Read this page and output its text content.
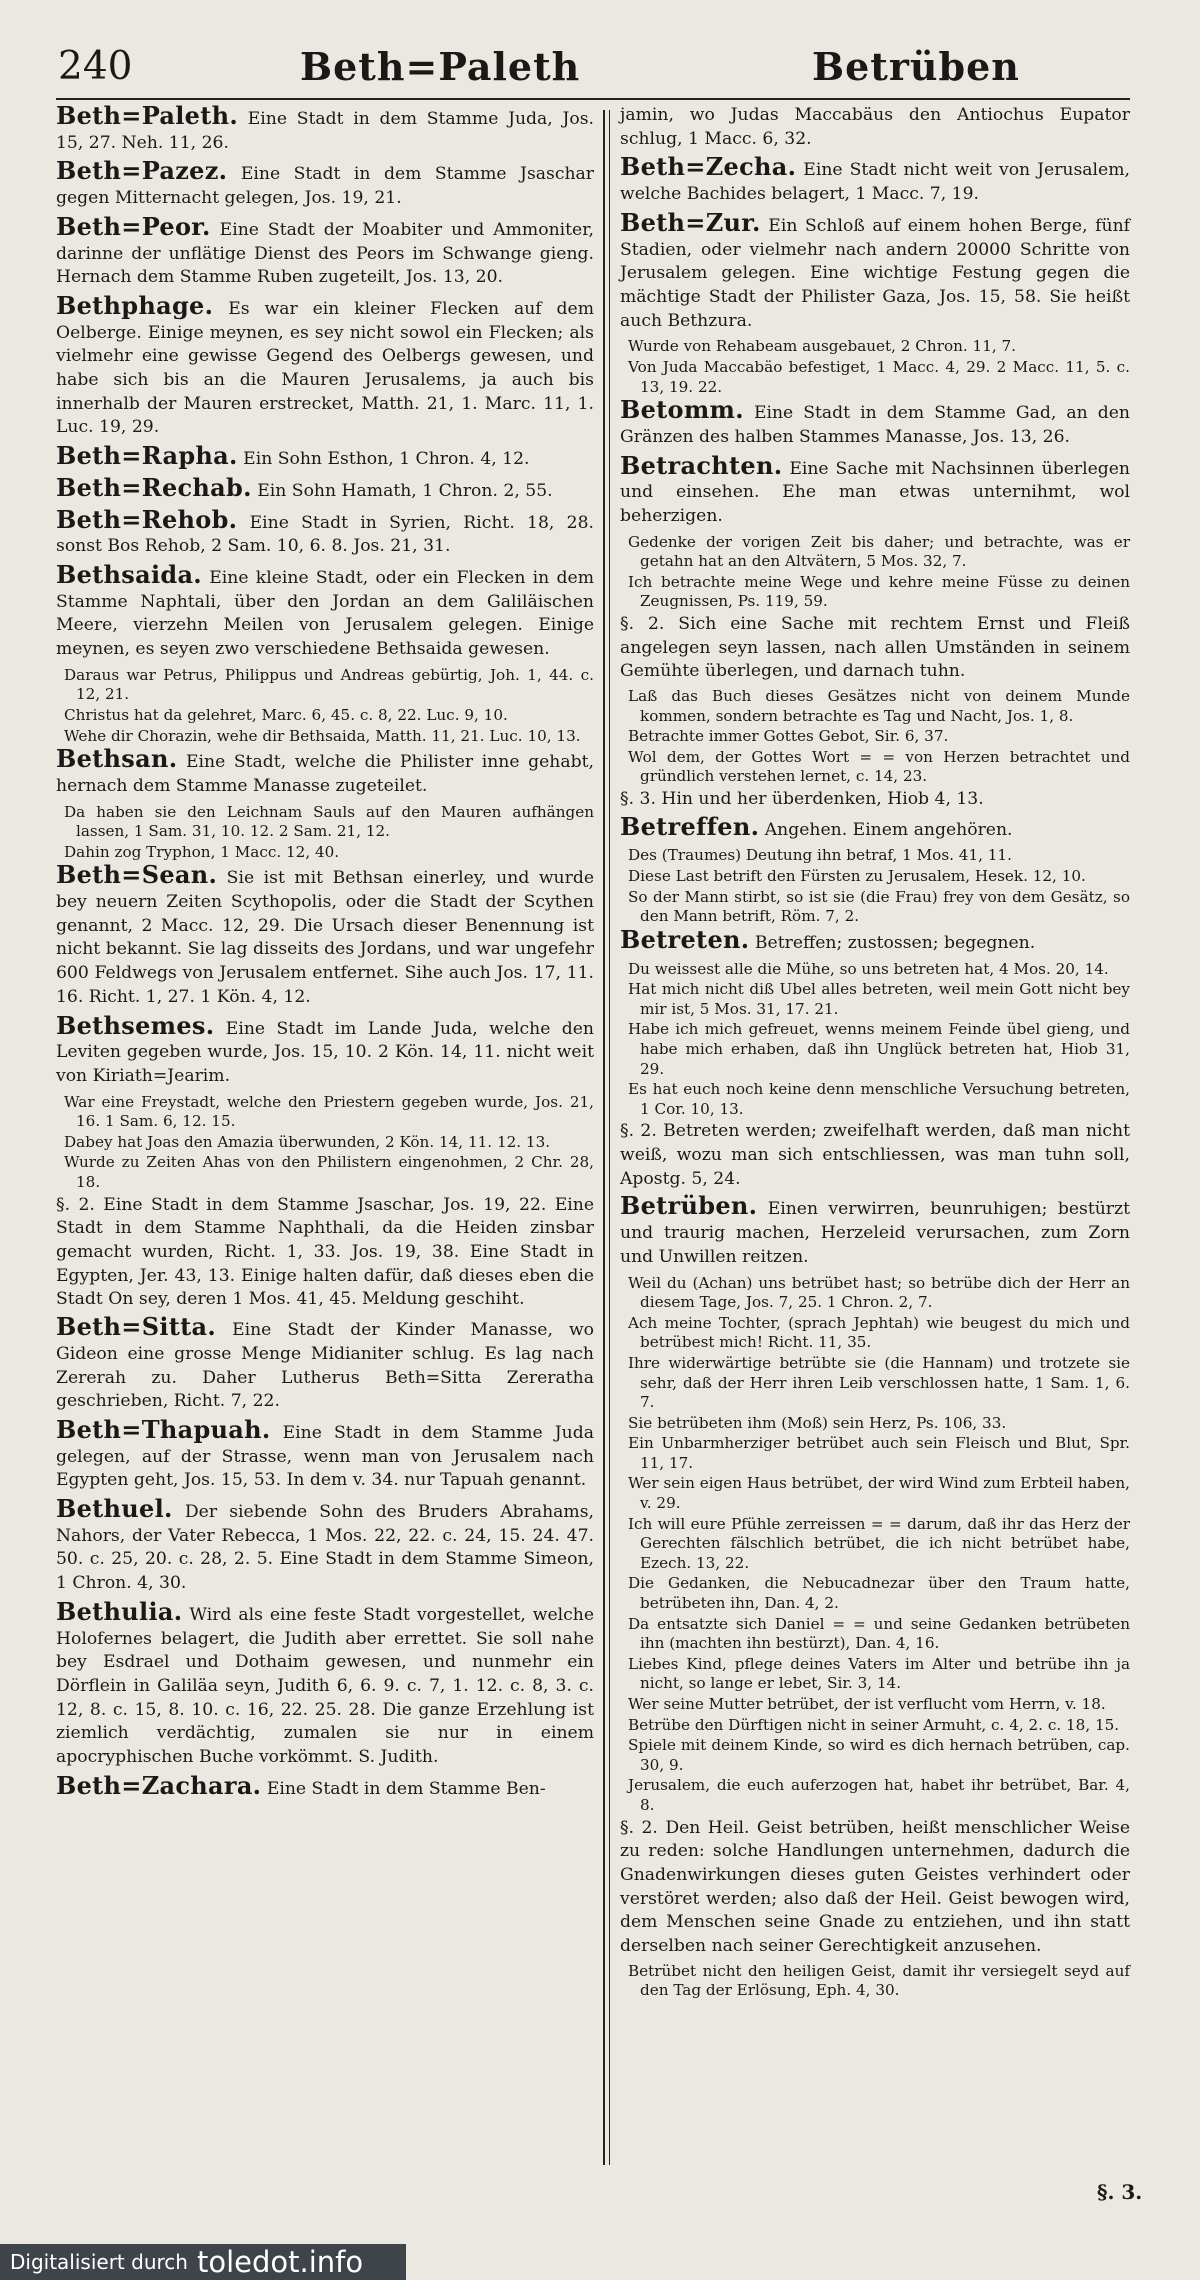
240	Beth=Paleth	Betrüben
Beth=Paleth. Eine Stadt in dem Stamme Juda, Jos. 15, 27. Neh. 11, 26.
Beth=Pazez. Eine Stadt in dem Stamme Jsaschar gegen Mitternacht gelegen, Jos. 19, 21.
Beth=Peor. Eine Stadt der Moabiter und Ammoniter, darinne der unflätige Dienst des Peors im Schwange gieng. Hernach dem Stamme Ruben zugeteilt, Jos. 13, 20.
Bethphage. Es war ein kleiner Flecken auf dem Oelberge. Einige meynen, es sey nicht sowol ein Flecken; als vielmehr eine gewisse Gegend des Oelbergs gewesen, und habe sich bis an die Mauren Jerusalems, ja auch bis innerhalb der Mauren erstrecket, Matth. 21, 1. Marc. 11, 1. Luc. 19, 29.
Beth=Rapha. Ein Sohn Esthon, 1 Chron. 4, 12.
Beth=Rechab. Ein Sohn Hamath, 1 Chron. 2, 55.
Beth=Rehob. Eine Stadt in Syrien, Richt. 18, 28. sonst Bos Rehob, 2 Sam. 10, 6. 8. Jos. 21, 31.
Bethsaida. Eine kleine Stadt, oder ein Flecken in dem Stamme Naphtali, über den Jordan an dem Galiläischen Meere, vierzehn Meilen von Jerusalem gelegen. Einige meynen, es seyen zwo verschiedene Bethsaida gewesen.
Daraus war Petrus, Philippus und Andreas gebürtig, Joh. 1, 44. c. 12, 21.
Christus hat da gelehret, Marc. 6, 45. c. 8, 22. Luc. 9, 10.
Wehe dir Chorazin, wehe dir Bethsaida, Matth. 11, 21. Luc. 10, 13.
Bethsan. Eine Stadt, welche die Philister inne gehabt, hernach dem Stamme Manasse zugeteilet.
Da haben sie den Leichnam Sauls auf den Mauren aufhängen lassen, 1 Sam. 31, 10. 12. 2 Sam. 21, 12.
Dahin zog Tryphon, 1 Macc. 12, 40.
Beth=Sean. Sie ist mit Bethsan einerley, und wurde bey neuern Zeiten Scythopolis, oder die Stadt der Scythen genannt, 2 Macc. 12, 29. Die Ursach dieser Benennung ist nicht bekannt. Sie lag disseits des Jordans, und war ungefehr 600 Feldwegs von Jerusalem entfernet. Sihe auch Jos. 17, 11. 16. Richt. 1, 27. 1 Kön. 4, 12.
Bethsemes. Eine Stadt im Lande Juda, welche den Leviten gegeben wurde, Jos. 15, 10. 2 Kön. 14, 11. nicht weit von Kiriath=Jearim.
War eine Freystadt, welche den Priestern gegeben wurde, Jos. 21, 16. 1 Sam. 6, 12. 15.
Dabey hat Joas den Amazia überwunden, 2 Kön. 14, 11. 12. 13.
Wurde zu Zeiten Ahas von den Philistern eingenohmen, 2 Chr. 28, 18.
§. 2. Eine Stadt in dem Stamme Jsaschar, Jos. 19, 22. Eine Stadt in dem Stamme Naphthali, da die Heiden zinsbar gemacht wurden, Richt. 1, 33. Jos. 19, 38. Eine Stadt in Egypten, Jer. 43, 13. Einige halten dafür, daß dieses eben die Stadt On sey, deren 1 Mos. 41, 45. Meldung geschiht.
Beth=Sitta. Eine Stadt der Kinder Manasse, wo Gideon eine grosse Menge Midianiter schlug. Es lag nach Zererah zu. Daher Lutherus Beth=Sitta Zereratha geschrieben, Richt. 7, 22.
Beth=Thapuah. Eine Stadt in dem Stamme Juda gelegen, auf der Strasse, wenn man von Jerusalem nach Egypten geht, Jos. 15, 53. In dem v. 34. nur Tapuah genannt.
Bethuel. Der siebende Sohn des Bruders Abrahams, Nahors, der Vater Rebecca, 1 Mos. 22, 22. c. 24, 15. 24. 47. 50. c. 25, 20. c. 28, 2. 5. Eine Stadt in dem Stamme Simeon, 1 Chron. 4, 30.
Bethulia. Wird als eine feste Stadt vorgestellet, welche Holofernes belagert, die Judith aber errettet. Sie soll nahe bey Esdrael und Dothaim gewesen, und nunmehr ein Dörflein in Galiläa seyn, Judith 6, 6. 9. c. 7, 1. 12. c. 8, 3. c. 12, 8. c. 15, 8. 10. c. 16, 22. 25. 28. Die ganze Erzehlung ist ziemlich verdächtig, zumalen sie nur in einem apocryphischen Buche vorkömmt. S. Judith.
Beth=Zachara. Eine Stadt in dem Stamme Ben-
jamin, wo Judas Maccabäus den Antiochus Eupator schlug, 1 Macc. 6, 32.
Beth=Zecha. Eine Stadt nicht weit von Jerusalem, welche Bachides belagert, 1 Macc. 7, 19.
Beth=Zur. Ein Schloß auf einem hohen Berge, fünf Stadien, oder vielmehr nach andern 20000 Schritte von Jerusalem gelegen. Eine wichtige Festung gegen die mächtige Stadt der Philister Gaza, Jos. 15, 58. Sie heißt auch Bethzura.
Wurde von Rehabeam ausgebauet, 2 Chron. 11, 7.
Von Juda Maccabäo befestiget, 1 Macc. 4, 29. 2 Macc. 11, 5. c. 13, 19. 22.
Betomm. Eine Stadt in dem Stamme Gad, an den Gränzen des halben Stammes Manasse, Jos. 13, 26.
Betrachten. Eine Sache mit Nachsinnen überlegen und einsehen. Ehe man etwas unternihmt, wol beherzigen.
Gedenke der vorigen Zeit bis daher; und betrachte, was er getahn hat an den Altvätern, 5 Mos. 32, 7.
Ich betrachte meine Wege und kehre meine Füsse zu deinen Zeugnissen, Ps. 119, 59.
§. 2. Sich eine Sache mit rechtem Ernst und Fleiß angelegen seyn lassen, nach allen Umständen in seinem Gemühte überlegen, und darnach tuhn.
Laß das Buch dieses Gesätzes nicht von deinem Munde kommen, sondern betrachte es Tag und Nacht, Jos. 1, 8.
Betrachte immer Gottes Gebot, Sir. 6, 37.
Wol dem, der Gottes Wort = = von Herzen betrachtet und gründlich verstehen lernet, c. 14, 23.
§. 3. Hin und her überdenken, Hiob 4, 13.
Betreffen. Angehen. Einem angehören.
Des (Traumes) Deutung ihn betraf, 1 Mos. 41, 11.
Diese Last betrift den Fürsten zu Jerusalem, Hesek. 12, 10.
So der Mann stirbt, so ist sie (die Frau) frey von dem Gesätz, so den Mann betrift, Röm. 7, 2.
Betreten. Betreffen; zustossen; begegnen.
Du weissest alle die Mühe, so uns betreten hat, 4 Mos. 20, 14.
Hat mich nicht diß Ubel alles betreten, weil mein Gott nicht bey mir ist, 5 Mos. 31, 17. 21.
Habe ich mich gefreuet, wenns meinem Feinde übel gieng, und habe mich erhaben, daß ihn Unglück betreten hat, Hiob 31, 29.
Es hat euch noch keine denn menschliche Versuchung betreten, 1 Cor. 10, 13.
§. 2. Betreten werden; zweifelhaft werden, daß man nicht weiß, wozu man sich entschliessen, was man tuhn soll, Apostg. 5, 24.
Betrüben. Einen verwirren, beunruhigen; bestürzt und traurig machen, Herzeleid verursachen, zum Zorn und Unwillen reitzen.
Weil du (Achan) uns betrübet hast; so betrübe dich der Herr an diesem Tage, Jos. 7, 25. 1 Chron. 2, 7.
Ach meine Tochter, (sprach Jephtah) wie beugest du mich und betrübest mich! Richt. 11, 35.
Ihre widerwärtige betrübte sie (die Hannam) und trotzete sie sehr, daß der Herr ihren Leib verschlossen hatte, 1 Sam. 1, 6. 7.
Sie betrübeten ihm (Moß) sein Herz, Ps. 106, 33.
Ein Unbarmherziger betrübet auch sein Fleisch und Blut, Spr. 11, 17.
Wer sein eigen Haus betrübet, der wird Wind zum Erbteil haben, v. 29.
Ich will eure Pfühle zerreissen = = darum, daß ihr das Herz der Gerechten fälschlich betrübet, die ich nicht betrübet habe, Ezech. 13, 22.
Die Gedanken, die Nebucadnezar über den Traum hatte, betrübeten ihn, Dan. 4, 2.
Da entsatzte sich Daniel = = und seine Gedanken betrübeten ihn (machten ihn bestürzt), Dan. 4, 16.
Liebes Kind, pflege deines Vaters im Alter und betrübe ihn ja nicht, so lange er lebet, Sir. 3, 14.
Wer seine Mutter betrübet, der ist verflucht vom Herrn, v. 18.
Betrübe den Dürftigen nicht in seiner Armuht, c. 4, 2. c. 18, 15.
Spiele mit deinem Kinde, so wird es dich hernach betrüben, cap. 30, 9.
Jerusalem, die euch auferzogen hat, habet ihr betrübet, Bar. 4, 8.
§. 2. Den Heil. Geist betrüben, heißt menschlicher Weise zu reden: solche Handlungen unternehmen, dadurch die Gnadenwirkungen dieses guten Geistes verhindert oder verstöret werden; also daß der Heil. Geist bewogen wird, dem Menschen seine Gnade zu entziehen, und ihn statt derselben nach seiner Gerechtigkeit anzusehen.
Betrübet nicht den heiligen Geist, damit ihr versiegelt seyd auf den Tag der Erlösung, Eph. 4, 30.
§. 3.
Digitalisiert durch toledot.info
